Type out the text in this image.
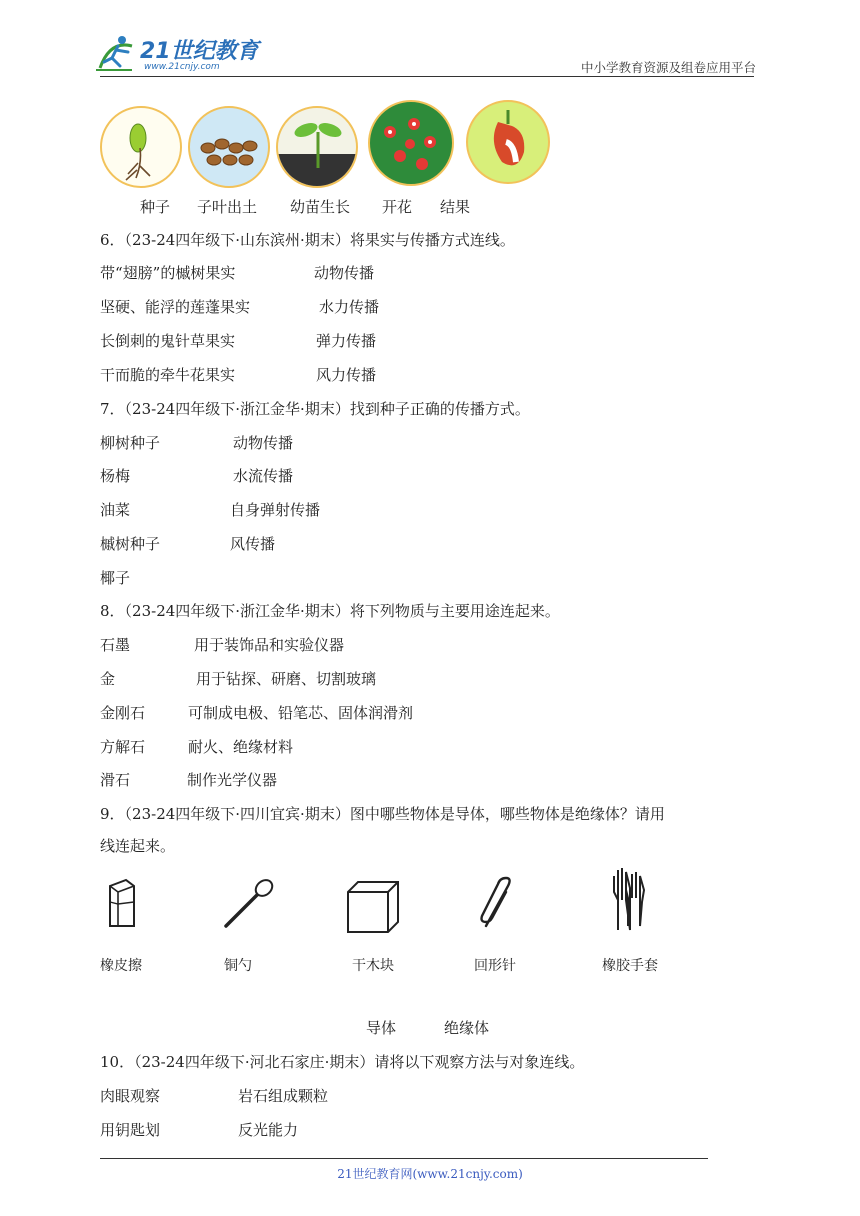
21世纪教育
www.21cnjy.com	中小学教育资源及组卷应用平台
种子 子叶出土 幼苗生长 开花 结果
6．（23-24四年级下·山东滨州·期末）将果实与传播方式连线。
带“翅膀”的槭树果实	动物传播
坚硬、能浮的莲蓬果实	水力传播
长倒刺的鬼针草果实	弹力传播
干而脆的牵牛花果实	风力传播
7．（23-24四年级下·浙江金华·期末）找到种子正确的传播方式。
柳树种子	动物传播
杨梅	水流传播
油菜	自身弹射传播
槭树种子	风传播
椰子
8．（23-24四年级下·浙江金华·期末）将下列物质与主要用途连起来。
石墨	用于装饰品和实验仪器
金	用于钻探、研磨、切割玻璃
金刚石	可制成电极、铅笔芯、固体润滑剂
方解石	耐火、绝缘材料
滑石	制作光学仪器
9．（23-24四年级下·四川宜宾·期末）图中哪些物体是导体，哪些物体是绝缘体？请用
线连起来。
橡皮擦	铜勺	干木块	回形针	橡胶手套
导体	绝缘体
10．（23-24四年级下·河北石家庄·期末）请将以下观察方法与对象连线。
肉眼观察	岩石组成颗粒
用钥匙划	反光能力
21世纪教育网(www.21cnjy.com)
